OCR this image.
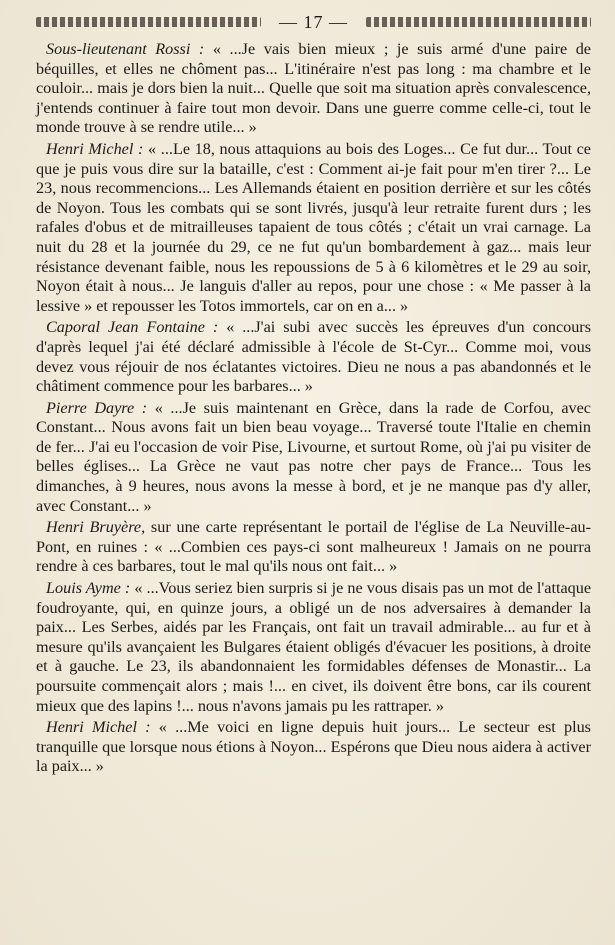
— 17 —

Sous-lieutenant Rossi : « ...Je vais bien mieux ; je suis armé d'une paire de béquilles, et elles ne chôment pas... L'itinéraire n'est pas long : ma chambre et le couloir... mais je dors bien la nuit... Quelle que soit ma situation après convalescence, j'entends continuer à faire tout mon devoir. Dans une guerre comme celle-ci, tout le monde trouve à se rendre utile... »

Henri Michel : « ...Le 18, nous attaquions au bois des Loges... Ce fut dur... Tout ce que je puis vous dire sur la bataille, c'est : Comment ai-je fait pour m'en tirer ?... Le 23, nous recommencions... Les Allemands étaient en position derrière et sur les côtés de Noyon. Tous les combats qui se sont livrés, jusqu'à leur retraite furent durs ; les rafales d'obus et de mitrailleuses tapaient de tous côtés ; c'était un vrai carnage. La nuit du 28 et la journée du 29, ce ne fut qu'un bombardement à gaz... mais leur résistance devenant faible, nous les repoussions de 5 à 6 kilomètres et le 29 au soir, Noyon était à nous... Je languis d'aller au repos, pour une chose : « Me passer à la lessive » et repousser les Totos immortels, car on en a... »

Caporal Jean Fontaine : « ...J'ai subi avec succès les épreuves d'un concours d'après lequel j'ai été déclaré admissible à l'école de St-Cyr... Comme moi, vous devez vous réjouir de nos éclatantes victoires. Dieu ne nous a pas abandonnés et le châtiment commence pour les barbares... »

Pierre Dayre : « ...Je suis maintenant en Grèce, dans la rade de Corfou, avec Constant... Nous avons fait un bien beau voyage... Traversé toute l'Italie en chemin de fer... J'ai eu l'occasion de voir Pise, Livourne, et surtout Rome, où j'ai pu visiter de belles églises... La Grèce ne vaut pas notre cher pays de France... Tous les dimanches, à 9 heures, nous avons la messe à bord, et je ne manque pas d'y aller, avec Constant... »

Henri Bruyère, sur une carte représentant le portail de l'église de La Neuville-au-Pont, en ruines : « ...Combien ces pays-ci sont malheureux ! Jamais on ne pourra rendre à ces barbares, tout le mal qu'ils nous ont fait... »

Louis Ayme : « ...Vous seriez bien surpris si je ne vous disais pas un mot de l'attaque foudroyante, qui, en quinze jours, a obligé un de nos adversaires à demander la paix... Les Serbes, aidés par les Français, ont fait un travail admirable... au fur et à mesure qu'ils avançaient les Bulgares étaient obligés d'évacuer les positions, à droite et à gauche. Le 23, ils abandonnaient les formidables défenses de Monastir... La poursuite commençait alors ; mais !... en civet, ils doivent être bons, car ils courent mieux que des lapins !... nous n'avons jamais pu les rattraper. »

Henri Michel : « ...Me voici en ligne depuis huit jours... Le secteur est plus tranquille que lorsque nous étions à Noyon... Espérons que Dieu nous aidera à activer la paix... »
